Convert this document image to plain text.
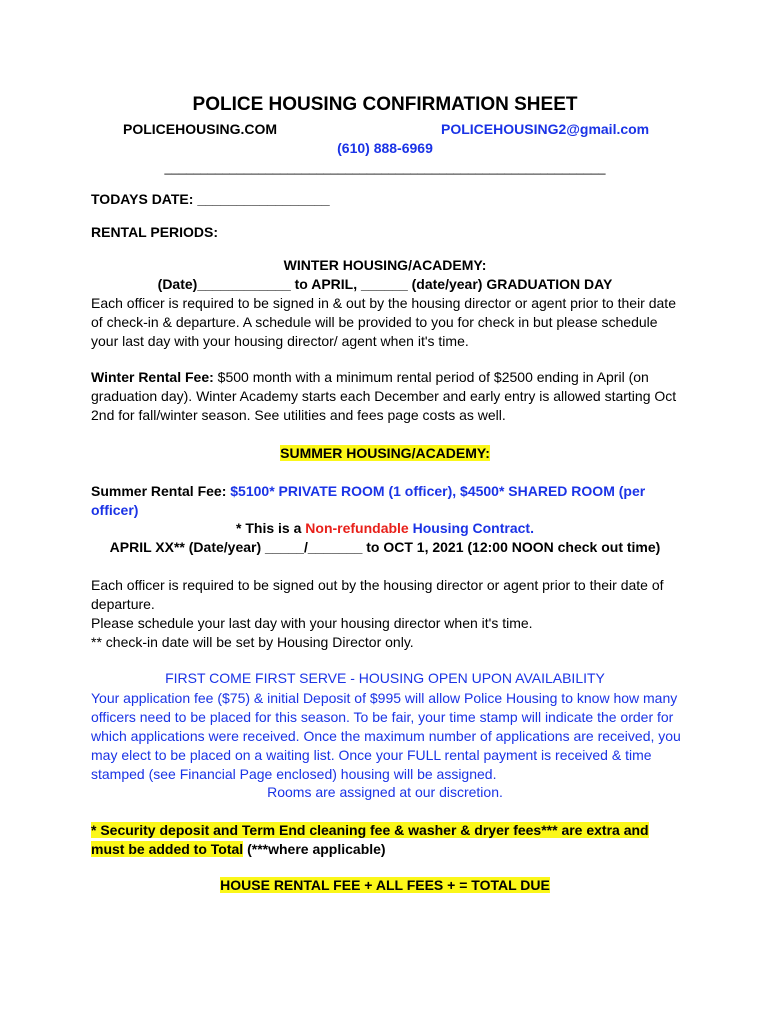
POLICE HOUSING CONFIRMATION SHEET
POLICEHOUSING.COM	POLICEHOUSING2@gmail.com
(610) 888-6969
_____________________________________________________________
TODAYS DATE: _________________
RENTAL PERIODS:
WINTER HOUSING/ACADEMY:
(Date)____________ to APRIL, ______ (date/year) GRADUATION DAY
Each officer is required to be signed in & out by the housing director or agent prior to their date
of check-in & departure. A schedule will be provided to you for check in but please schedule
your last day with your housing director/ agent when it's time.
Winter Rental Fee: $500 month with a minimum rental period of $2500 ending in April (on
graduation day). Winter Academy starts each December and early entry is allowed starting Oct
2nd for fall/winter season. See utilities and fees page costs as well.
SUMMER HOUSING/ACADEMY:
Summer Rental Fee: $5100* PRIVATE ROOM (1 officer), $4500* SHARED ROOM (per
officer)
* This is a Non-refundable Housing Contract.
APRIL XX** (Date/year) _____/_______ to OCT 1, 2021 (12:00 NOON check out time)
Each officer is required to be signed out by the housing director or agent prior to their date of
departure.
Please schedule your last day with your housing director when it's time.
** check-in date will be set by Housing Director only.
FIRST COME FIRST SERVE - HOUSING OPEN UPON AVAILABILITY
Your application fee ($75) & initial Deposit of $995 will allow Police Housing to know how many
officers need to be placed for this season. To be fair, your time stamp will indicate the order for
which applications were received. Once the maximum number of applications are received, you
may elect to be placed on a waiting list. Once your FULL rental payment is received & time
stamped (see Financial Page enclosed) housing will be assigned.
Rooms are assigned at our discretion.
* Security deposit and Term End cleaning fee & washer & dryer fees*** are extra and
must be added to Total (***where applicable)
HOUSE RENTAL FEE + ALL FEES + = TOTAL DUE
